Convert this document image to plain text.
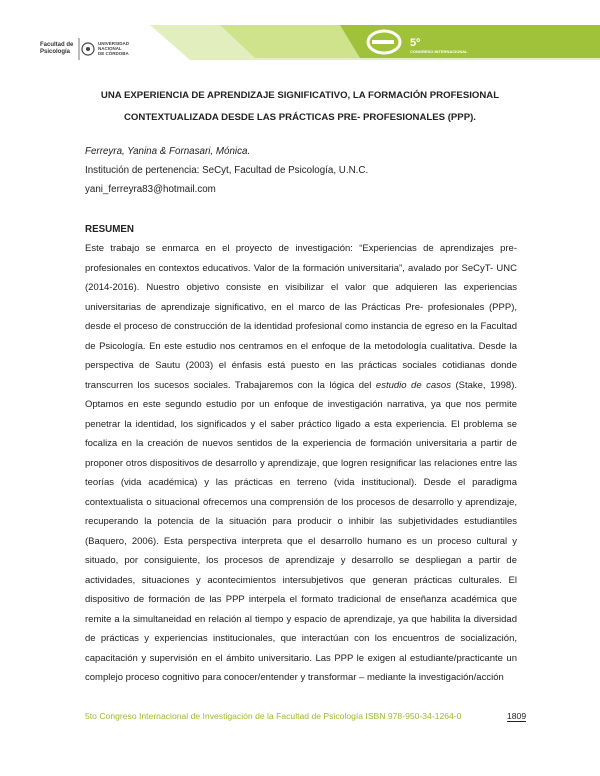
Facultad de
Psicología
UNIVERSIDAD
NACIONAL
DE CÓRDOBA
5º
CONGRESO INTERNACIONAL
UNA EXPERIENCIA DE APRENDIZAJE SIGNIFICATIVO, LA FORMACIÓN PROFESIONAL
CONTEXTUALIZADA DESDE LAS PRÁCTICAS PRE- PROFESIONALES (PPP).
Ferreyra, Yanina & Fornasari, Mónica.
Institución de pertenencia: SeCyt, Facultad de Psicología, U.N.C.
yani_ferreyra83@hotmail.com
RESUMEN
Este trabajo se enmarca en el proyecto de investigación: “Experiencias de aprendizajes pre-profesionales en contextos educativos. Valor de la formación universitaria”, avalado por SeCyT- UNC (2014-2016). Nuestro objetivo consiste en visibilizar el valor que adquieren las experiencias universitarias de aprendizaje significativo, en el marco de las Prácticas Pre- profesionales (PPP), desde el proceso de construcción de la identidad profesional como instancia de egreso en la Facultad de Psicología. En este estudio nos centramos en el enfoque de la metodología cualitativa. Desde la perspectiva de Sautu (2003) el énfasis está puesto en las prácticas sociales cotidianas donde transcurren los sucesos sociales. Trabajaremos con la lógica del estudio de casos (Stake, 1998). Optamos en este segundo estudio por un enfoque de investigación narrativa, ya que nos permite penetrar la identidad, los significados y el saber práctico ligado a esta experiencia. El problema se focaliza en la creación de nuevos sentidos de la experiencia de formación universitaria a partir de proponer otros dispositivos de desarrollo y aprendizaje, que logren resignificar las relaciones entre las teorías (vida académica) y las prácticas en terreno (vida institucional). Desde el paradigma contextualista o situacional ofrecemos una comprensión de los procesos de desarrollo y aprendizaje, recuperando la potencia de la situación para producir o inhibir las subjetividades estudiantiles (Baquero, 2006). Esta perspectiva interpreta que el desarrollo humano es un proceso cultural y situado, por consiguiente, los procesos de aprendizaje y desarrollo se despliegan a partir de actividades, situaciones y acontecimientos intersubjetivos que generan prácticas culturales. El dispositivo de formación de las PPP interpela el formato tradicional de enseñanza académica que remite a la simultaneidad en relación al tiempo y espacio de aprendizaje, ya que habilita la diversidad de prácticas y experiencias institucionales, que interactúan con los encuentros de socialización, capacitación y supervisión en el ámbito universitario. Las PPP le exigen al estudiante/practicante un complejo proceso cognitivo para conocer/entender y transformar – mediante la investigación/acción
5to Congreso Internacional de Investigación de la Facultad de Psicología ISBN 978-950-34-1264-0	1809
